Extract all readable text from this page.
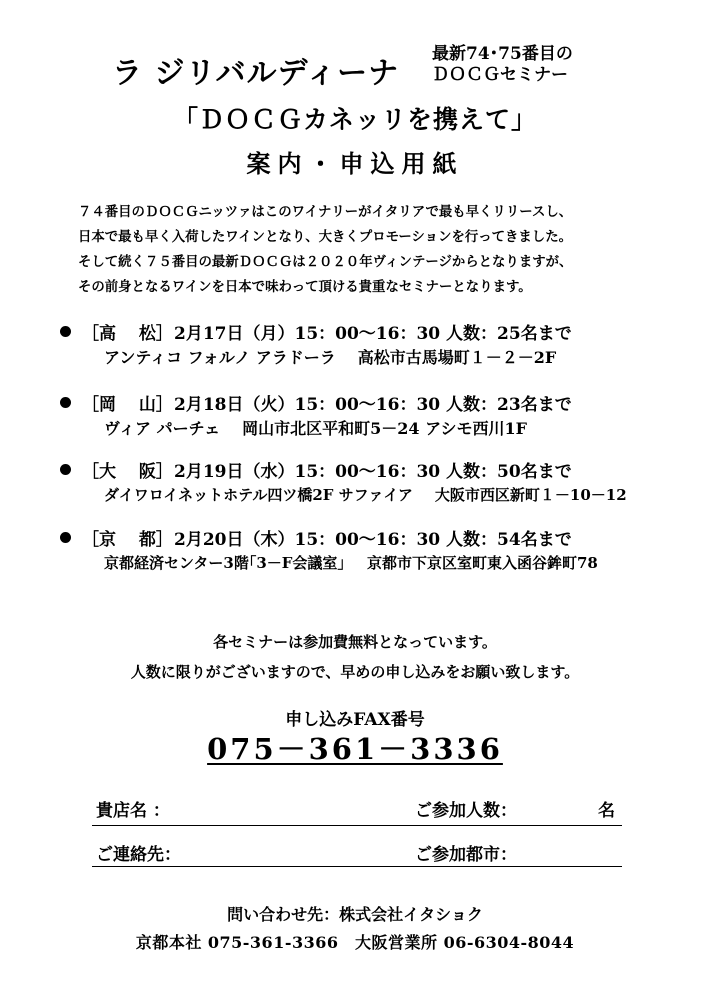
ラ ジリバルディーナ
最新74･75番目の
ＤＯＣＧセミナー
「ＤＯＣＧカネッリを携えて」
案内・申込用紙
７４番目のＤＯＣＧニッツァはこのワイナリーがイタリアで最も早くリリースし、
日本で最も早く入荷したワインとなり、大きくプロモーションを行ってきました。
そして続く７５番目の最新ＤＯＣＧは２０２０年ヴィンテージからとなりますが、
その前身となるワインを日本で味わって頂ける貴重なセミナーとなります。
［高　 松］ 2月17日（月）15：00～16：30 人数：25名まで
アンティコ フォルノ アラドーラ 高松市古馬場町１－２－2F
［岡　 山］ 2月18日（火）15：00～16：30 人数：23名まで
ヴィア パーチェ 岡山市北区平和町5－24 アシモ西川1F
［大　 阪］ 2月19日（水）15：00～16：30 人数：50名まで
ダイワロイネットホテル四ツ橋2F サファイア 大阪市西区新町１－10－12
［京　 都］ 2月20日（木）15：00～16：30 人数：54名まで
京都経済センター3階｢3－F会議室｣ 京都市下京区室町東入函谷鉾町78
各セミナーは参加費無料となっています。
人数に限りがございますので、早めの申し込みをお願い致します。
申し込みFAX番号
075－361－3336
貴店名 ：	ご参加人数：	名
ご連絡先：	ご参加都市：
問い合わせ先：株式会社イタショク
京都本社 075-361-3366　大阪営業所 06-6304-8044
